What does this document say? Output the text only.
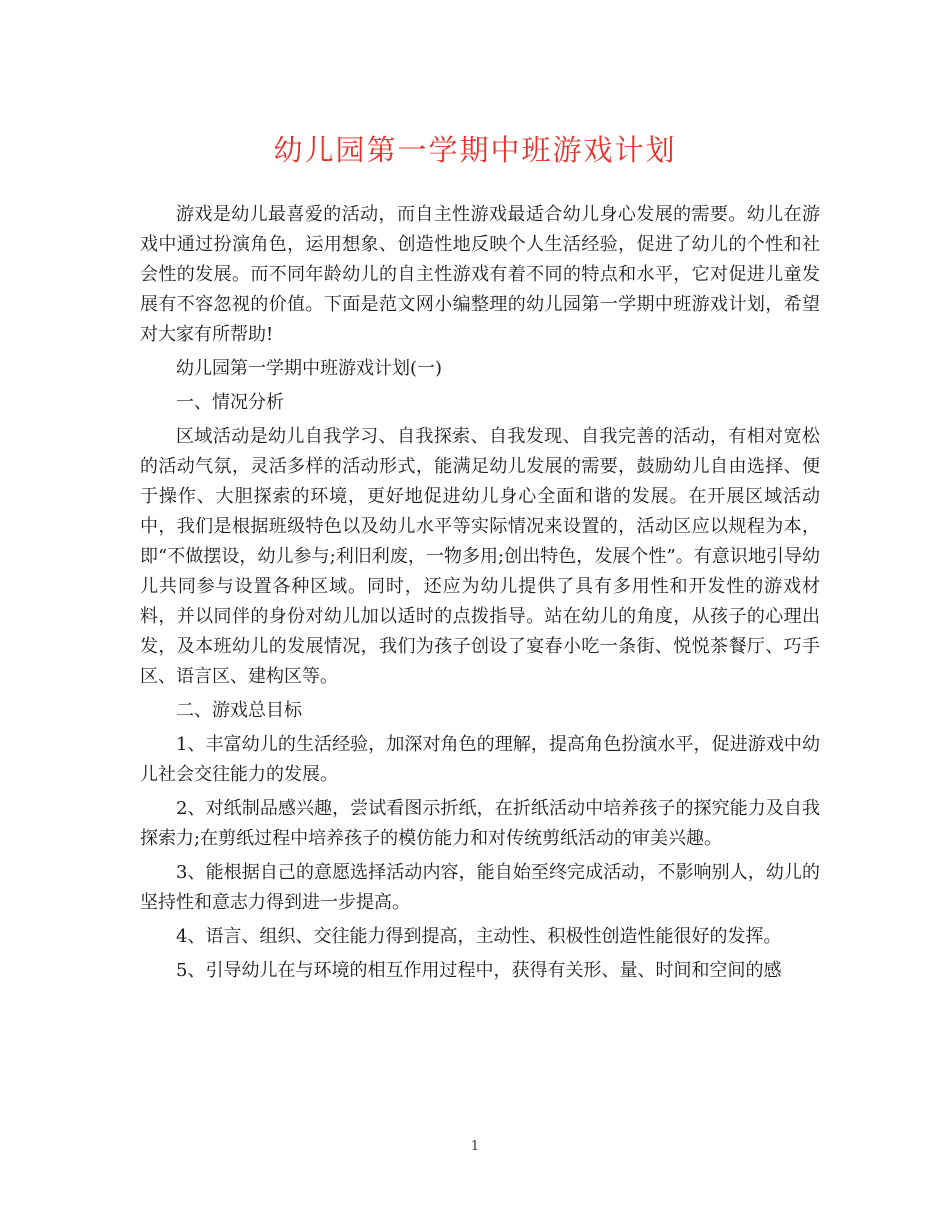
幼儿园第一学期中班游戏计划

游戏是幼儿最喜爱的活动，而自主性游戏最适合幼儿身心发展的需要。幼儿在游戏中通过扮演角色，运用想象、创造性地反映个人生活经验，促进了幼儿的个性和社会性的发展。而不同年龄幼儿的自主性游戏有着不同的特点和水平，它对促进儿童发展有不容忽视的价值。下面是范文网小编整理的幼儿园第一学期中班游戏计划，希望对大家有所帮助!

幼儿园第一学期中班游戏计划(一)

一、情况分析

区域活动是幼儿自我学习、自我探索、自我发现、自我完善的活动，有相对宽松的活动气氛，灵活多样的活动形式，能满足幼儿发展的需要，鼓励幼儿自由选择、便于操作、大胆探索的环境，更好地促进幼儿身心全面和谐的发展。在开展区域活动中，我们是根据班级特色以及幼儿水平等实际情况来设置的，活动区应以规程为本，即“不做摆设，幼儿参与;利旧利废，一物多用;创出特色，发展个性”。有意识地引导幼儿共同参与设置各种区域。同时，还应为幼儿提供了具有多用性和开发性的游戏材料，并以同伴的身份对幼儿加以适时的点拨指导。站在幼儿的角度，从孩子的心理出发，及本班幼儿的发展情况，我们为孩子创设了宴春小吃一条街、悦悦茶餐厅、巧手区、语言区、建构区等。

二、游戏总目标

1、丰富幼儿的生活经验，加深对角色的理解，提高角色扮演水平，促进游戏中幼儿社会交往能力的发展。

2、对纸制品感兴趣，尝试看图示折纸，在折纸活动中培养孩子的探究能力及自我探索力;在剪纸过程中培养孩子的模仿能力和对传统剪纸活动的审美兴趣。

3、能根据自己的意愿选择活动内容，能自始至终完成活动，不影响别人，幼儿的坚持性和意志力得到进一步提高。

4、语言、组织、交往能力得到提高，主动性、积极性创造性能很好的发挥。

5、引导幼儿在与环境的相互作用过程中，获得有关形、量、时间和空间的感

1
